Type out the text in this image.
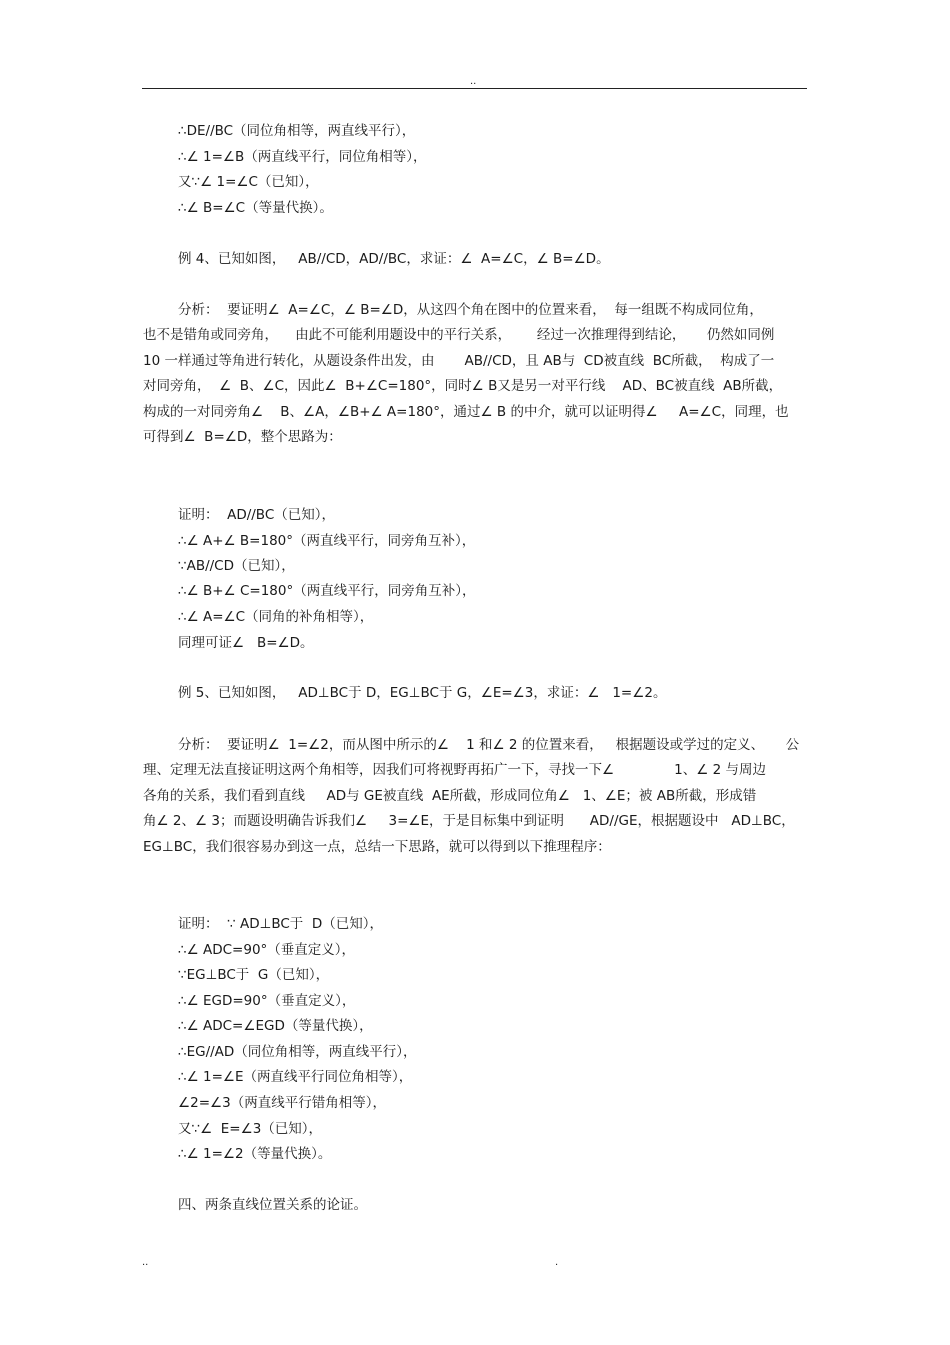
..
∴DE//BC（同位角相等，两直线平行），
∴∠ 1=∠B（两直线平行，同位角相等），
又∵∠ 1=∠C（已知），
∴∠ B=∠C（等量代换）。
例 4、已知如图，   AB//CD，AD//BC，求证：∠  A=∠C，∠ B=∠D。
分析：  要证明∠  A=∠C，∠ B=∠D，从这四个角在图中的位置来看，  每一组既不构成同位角，
也不是错角或同旁角，    由此不可能利用题设中的平行关系，      经过一次推理得到结论，     仍然如同例
10 一样通过等角进行转化，从题设条件出发，由       AB//CD，且 AB与  CD被直线  BC所截，  构成了一
对同旁角，  ∠  B、∠C，因此∠  B+∠C=180°，同时∠ B又是另一对平行线    AD、BC被直线  AB所截，
构成的一对同旁角∠    B、∠A，∠B+∠ A=180°，通过∠ B 的中介，就可以证明得∠     A=∠C，同理，也
可得到∠  B=∠D，整个思路为：
证明：  AD//BC（已知），
∴∠ A+∠ B=180°（两直线平行，同旁角互补），
∵AB//CD（已知），
∴∠ B+∠ C=180°（两直线平行，同旁角互补），
∴∠ A=∠C（同角的补角相等），
同理可证∠   B=∠D。
例 5、已知如图，   AD⊥BC于 D，EG⊥BC于 G，∠E=∠3，求证：∠   1=∠2。
分析：  要证明∠  1=∠2，而从图中所示的∠    1 和∠ 2 的位置来看，   根据题设或学过的定义、     公
理、定理无法直接证明这两个角相等，因我们可将视野再拓广一下，寻找一下∠              1、∠ 2 与周边
各角的关系，我们看到直线     AD与 GE被直线  AE所截，形成同位角∠   1、∠E；被 AB所截，形成错
角∠ 2、∠ 3；而题设明确告诉我们∠     3=∠E，于是目标集中到证明      AD//GE，根据题设中   AD⊥BC，
EG⊥BC，我们很容易办到这一点，总结一下思路，就可以得到以下推理程序：
证明：  ∵ AD⊥BC于  D（已知），
∴∠ ADC=90°（垂直定义），
∵EG⊥BC于  G（已知），
∴∠ EGD=90°（垂直定义），
∴∠ ADC=∠EGD（等量代换），
∴EG//AD（同位角相等，两直线平行），
∴∠ 1=∠E（两直线平行同位角相等），
∠2=∠3（两直线平行错角相等），
又∵∠  E=∠3（已知），
∴∠ 1=∠2（等量代换）。
四、两条直线位置关系的论证。
..	.
